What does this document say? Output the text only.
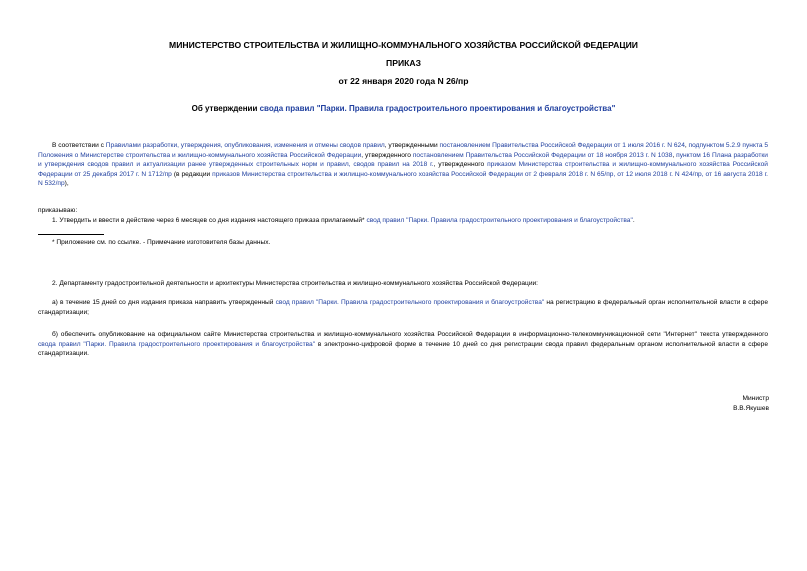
МИНИСТЕРСТВО СТРОИТЕЛЬСТВА И ЖИЛИЩНО-КОММУНАЛЬНОГО ХОЗЯЙСТВА РОССИЙСКОЙ ФЕДЕРАЦИИ
ПРИКАЗ
от 22 января 2020 года N 26/пр
Об утверждении свода правил "Парки. Правила градостроительного проектирования и благоустройства"
В соответствии с Правилами разработки, утверждения, опубликования, изменения и отмены сводов правил, утвержденными постановлением Правительства Российской Федерации от 1 июля 2016 г. N 624, подпунктом 5.2.9 пункта 5 Положения о Министерстве строительства и жилищно-коммунального хозяйства Российской Федерации, утвержденного постановлением Правительства Российской Федерации от 18 ноября 2013 г. N 1038, пунктом 16 Плана разработки и утверждения сводов правил и актуализации ранее утвержденных строительных норм и правил, сводов правил на 2018 г., утвержденного приказом Министерства строительства и жилищно-коммунального хозяйства Российской Федерации от 25 декабря 2017 г. N 1712/пр (в редакции приказов Министерства строительства и жилищно-коммунального хозяйства Российской Федерации от 2 февраля 2018 г. N 65/пр, от 12 июля 2018 г. N 424/пр, от 16 августа 2018 г. N 532/пр),
приказываю:
1. Утвердить и ввести в действие через 6 месяцев со дня издания настоящего приказа прилагаемый* свод правил "Парки. Правила градостроительного проектирования и благоустройства".
* Приложение см. по ссылке. - Примечание изготовителя базы данных.
2. Департаменту градостроительной деятельности и архитектуры Министерства строительства и жилищно-коммунального хозяйства Российской Федерации:
а) в течение 15 дней со дня издания приказа направить утвержденный свод правил "Парки. Правила градостроительного проектирования и благоустройства" на регистрацию в федеральный орган исполнительной власти в сфере стандартизации;
б) обеспечить опубликование на официальном сайте Министерства строительства и жилищно-коммунального хозяйства Российской Федерации в информационно-телекоммуникационной сети "Интернет" текста утвержденного свода правил "Парки. Правила градостроительного проектирования и благоустройства" в электронно-цифровой форме в течение 10 дней со дня регистрации свода правил федеральным органом исполнительной власти в сфере стандартизации.
Министр
В.В.Якушев
